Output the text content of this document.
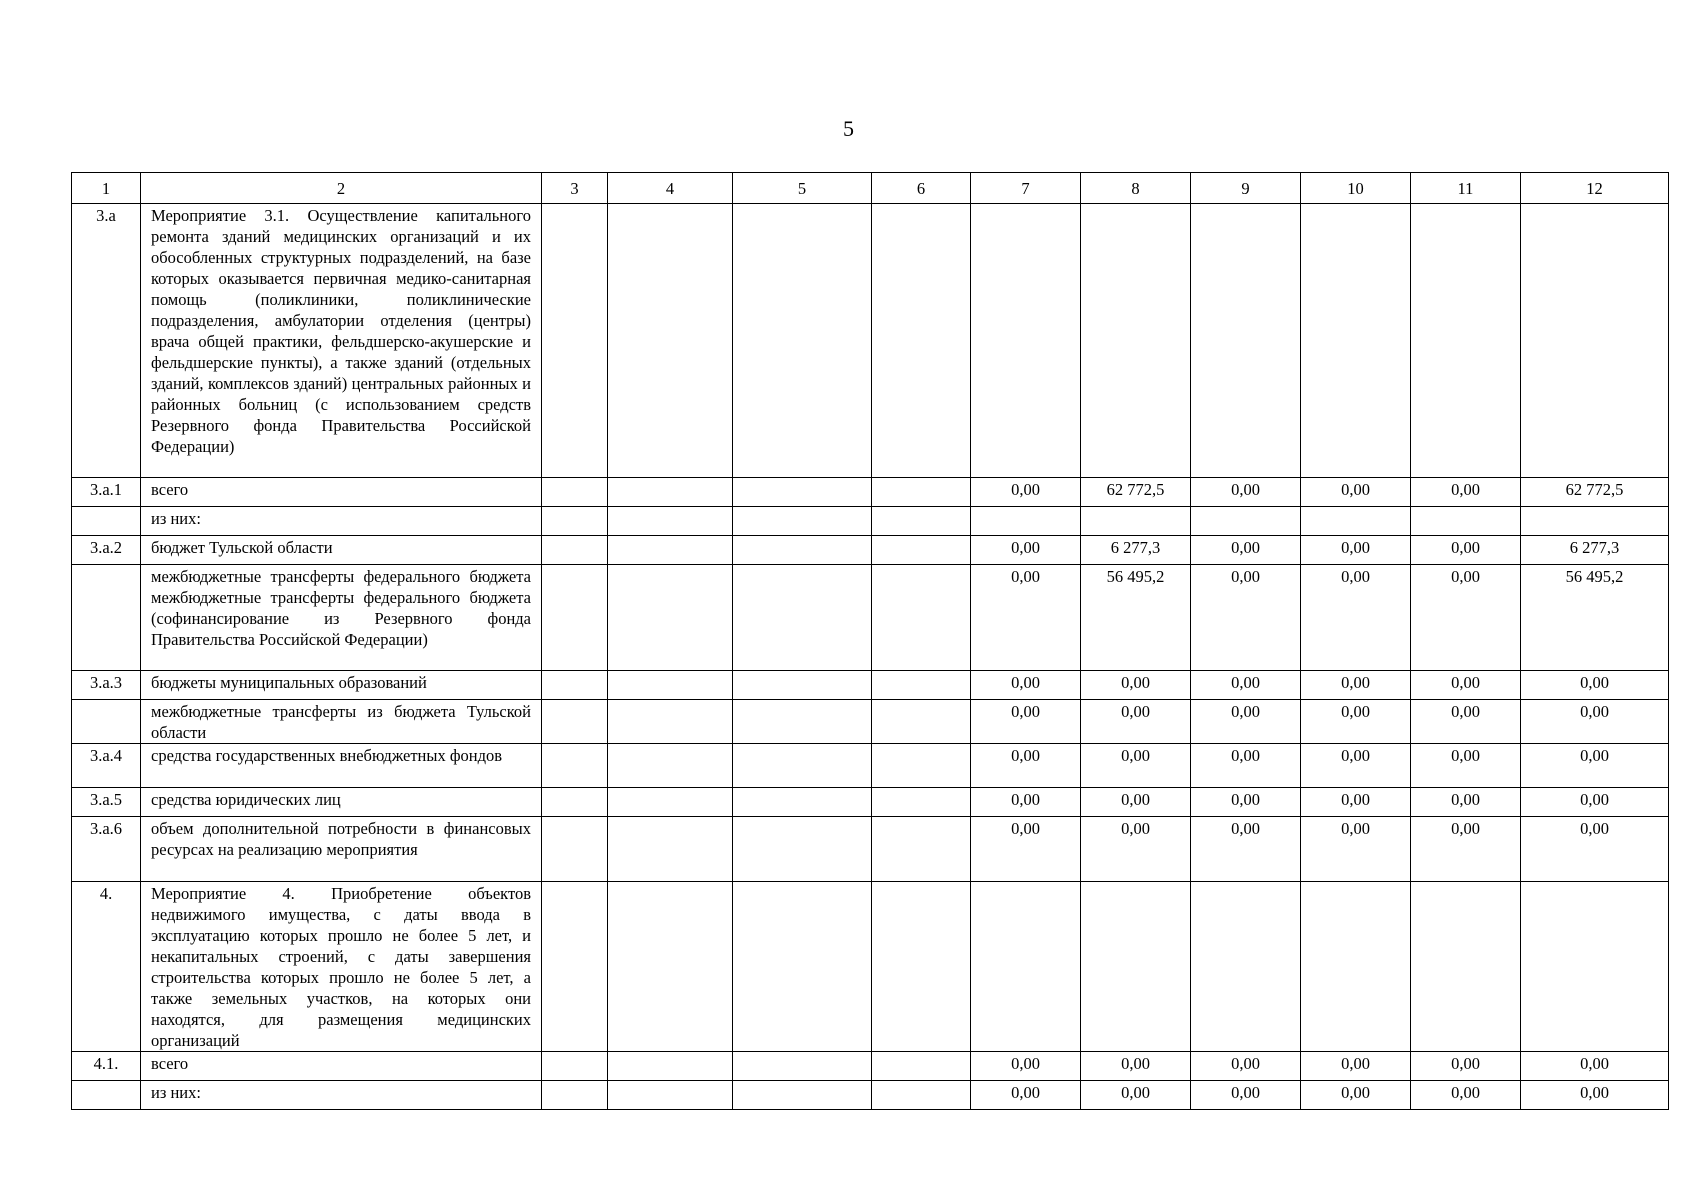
5
1	2	3	4	5	6	7	8	9	10	11	12
3.а	Мероприятие 3.1. Осуществление капитального ремонта зданий медицинских организаций и их обособленных структурных подразделений, на базе которых оказывается первичная медико-санитарная помощь (поликлиники, поликлинические подразделения, амбулатории отделения (центры) врача общей практики, фельдшерско-акушерские и фельдшерские пункты), а также зданий (отдельных зданий, комплексов зданий) центральных районных и районных больниц (с использованием средств Резервного фонда Правительства Российской Федерации)										
3.а.1	всего					0,00	62 772,5	0,00	0,00	0,00	62 772,5
	из них:										
3.а.2	бюджет Тульской области					0,00	6 277,3	0,00	0,00	0,00	6 277,3
	межбюджетные трансферты федерального бюджета межбюджетные трансферты федерального бюджета (софинансирование из Резервного фонда Правительства Российской Федерации)					0,00	56 495,2	0,00	0,00	0,00	56 495,2
3.а.3	бюджеты муниципальных образований					0,00	0,00	0,00	0,00	0,00	0,00
	межбюджетные трансферты из бюджета Тульской области					0,00	0,00	0,00	0,00	0,00	0,00
3.а.4	средства государственных внебюджетных фондов					0,00	0,00	0,00	0,00	0,00	0,00
3.а.5	средства юридических лиц					0,00	0,00	0,00	0,00	0,00	0,00
3.а.6	объем дополнительной потребности в финансовых ресурсах на реализацию мероприятия					0,00	0,00	0,00	0,00	0,00	0,00
4.	Мероприятие 4. Приобретение объектов недвижимого имущества, с даты ввода в эксплуатацию которых прошло не более 5 лет, и некапитальных строений, с даты завершения строительства которых прошло не более 5 лет, а также земельных участков, на которых они находятся, для размещения медицинских организаций										
4.1.	всего					0,00	0,00	0,00	0,00	0,00	0,00
	из них:					0,00	0,00	0,00	0,00	0,00	0,00
